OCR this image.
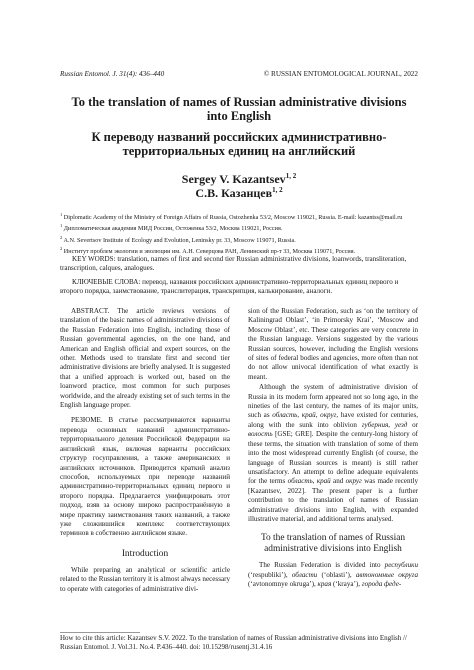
Russian Entomol. J. 31(4): 436–440	© RUSSIAN ENTOMOLOGICAL JOURNAL, 2022
To the translation of names of Russian administrative divisions into English
К переводу названий российских административно-территориальных единиц на английский
Sergey V. Kazantsev$^{1, 2}$
С.В. Казанцев$^{1, 2}$
$^1$ Diplomatic Academy of the Ministry of Foreign Affairs of Russia, Ostozhenka 53/2, Moscow 119021, Russia. E-mail: kazantss@mail.ru
$^1$ Дипломатическая академия МИД России, Остоженка 53/2, Москва 119021, Россия.
$^2$ A.N. Severtsov Institute of Ecology and Evolution, Leninsky pr. 33, Moscow 119071, Russia.
$^2$ Институт проблем экологии и эволюции им. А.Н. Северцова РАН, Ленинский пр-т 33, Москва 119071, Россия.
KEY WORDS: translation, names of first and second tier Russian administrative divisions, loanwords, transliteration, transcription, calques, analogues.
КЛЮЧЕВЫЕ СЛОВА: перевод, названия российских административно-территориальных единиц первого и второго порядка, заимствование, транслитерация, транскрипция, калькирование, аналоги.

ABSTRACT. The article reviews versions of translation of the basic names of administrative divisions of the Russian Federation into English, including those of Russian governmental agencies, on the one hand, and American and English official and expert sources, on the other. Methods used to translate first and second tier administrative divisions are briefly analysed. It is suggested that a unified approach is worked out, based on the loanword practice, most common for such purposes worldwide, and the already existing set of such terms in the English language proper.

РЕЗЮМЕ. В статье рассматриваются варианты перевода основных названий административно-территориального деления Российской Федерации на английский язык, включая варианты российских структур госуправления, а также американских и английских источников. Приводится краткий анализ способов, используемых при переводе названий административно-территориальных единиц первого и второго порядка. Предлагается унифицировать этот подход, взяв за основу широко распространённую в мире практику заимствования таких названий, а также уже сложившийся комплекс соответствующих терминов в собственно английском языке.

Introduction

While preparing an analytical or scientific article related to the Russian territory it is almost always necessary to operate with categories of administrative divi-

sion of the Russian Federation, such as ‘on the territory of Kaliningrad Oblast’, ‘in Primorsky Krai’, ‘Moscow and Moscow Oblast’, etc. These categories are very concrete in the Russian language. Versions suggested by the various Russian sources, however, including the English versions of sites of federal bodies and agencies, more often than not do not allow univocal identification of what exactly is meant.

Although the system of administrative division of Russia in its modern form appeared not so long ago, in the nineties of the last century, the names of its major units, such as область, край, округ, have existed for centuries, along with the sunk into oblivion губерния, уезд or волость [GSE; GRE]. Despite the century-long history of these terms, the situation with translation of some of them into the most widespread currently English (of course, the language of Russian sources is meant) is still rather unsatisfactory. An attempt to define adequate equivalents for the terms область, край and округ was made recently [Kazantsev, 2022]. The present paper is a further contribution to the translation of names of Russian administrative divisions into English, with expanded illustrative material, and additional terms analysed.

To the translation of names of Russian administrative divisions into English

The Russian Federation is divided into республики (‘respubliki’), области (‘oblasti’), автономные округа (‘avtonomnye okruga’), края (‘kraya’), города феде-

How to cite this article: Kazantsev S.V. 2022. To the translation of names of Russian administrative divisions into English // Russian Entomol. J. Vol.31. No.4. P.436–440. doi: 10.15298/rusentj.31.4.16
